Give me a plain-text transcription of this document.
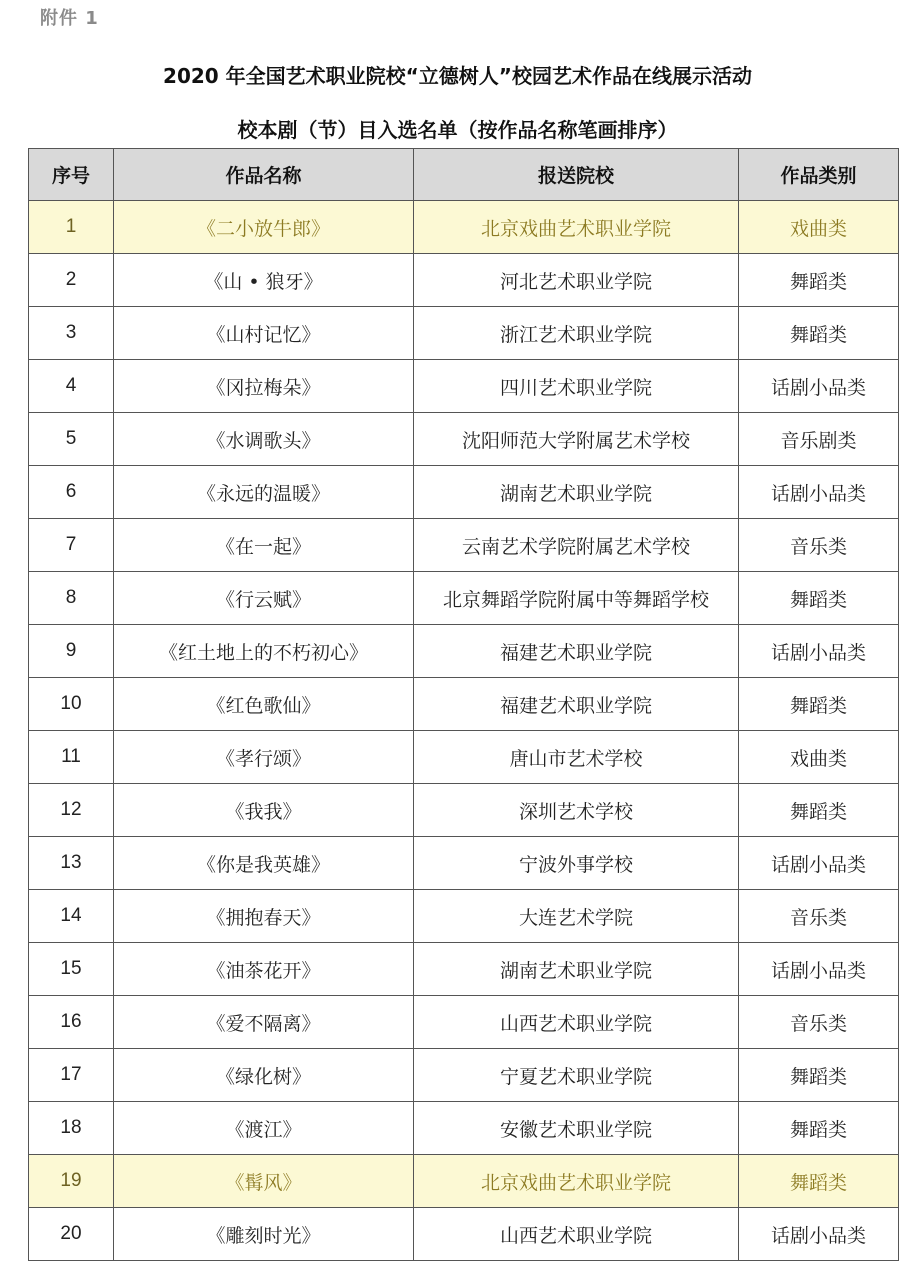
附件 1
2020 年全国艺术职业院校“立德树人”校园艺术作品在线展示活动
校本剧（节）目入选名单（按作品名称笔画排序）
序号	作品名称	报送院校	作品类别
1	《二小放牛郎》	北京戏曲艺术职业学院	戏曲类
2	《山 • 狼牙》	河北艺术职业学院	舞蹈类
3	《山村记忆》	浙江艺术职业学院	舞蹈类
4	《冈拉梅朵》	四川艺术职业学院	话剧小品类
5	《水调歌头》	沈阳师范大学附属艺术学校	音乐剧类
6	《永远的温暖》	湖南艺术职业学院	话剧小品类
7	《在一起》	云南艺术学院附属艺术学校	音乐类
8	《行云赋》	北京舞蹈学院附属中等舞蹈学校	舞蹈类
9	《红土地上的不朽初心》	福建艺术职业学院	话剧小品类
10	《红色歌仙》	福建艺术职业学院	舞蹈类
11	《孝行颂》	唐山市艺术学校	戏曲类
12	《我我》	深圳艺术学校	舞蹈类
13	《你是我英雄》	宁波外事学校	话剧小品类
14	《拥抱春天》	大连艺术学院	音乐类
15	《油茶花开》	湖南艺术职业学院	话剧小品类
16	《爱不隔离》	山西艺术职业学院	音乐类
17	《绿化树》	宁夏艺术职业学院	舞蹈类
18	《渡江》	安徽艺术职业学院	舞蹈类
19	《髯风》	北京戏曲艺术职业学院	舞蹈类
20	《雕刻时光》	山西艺术职业学院	话剧小品类
